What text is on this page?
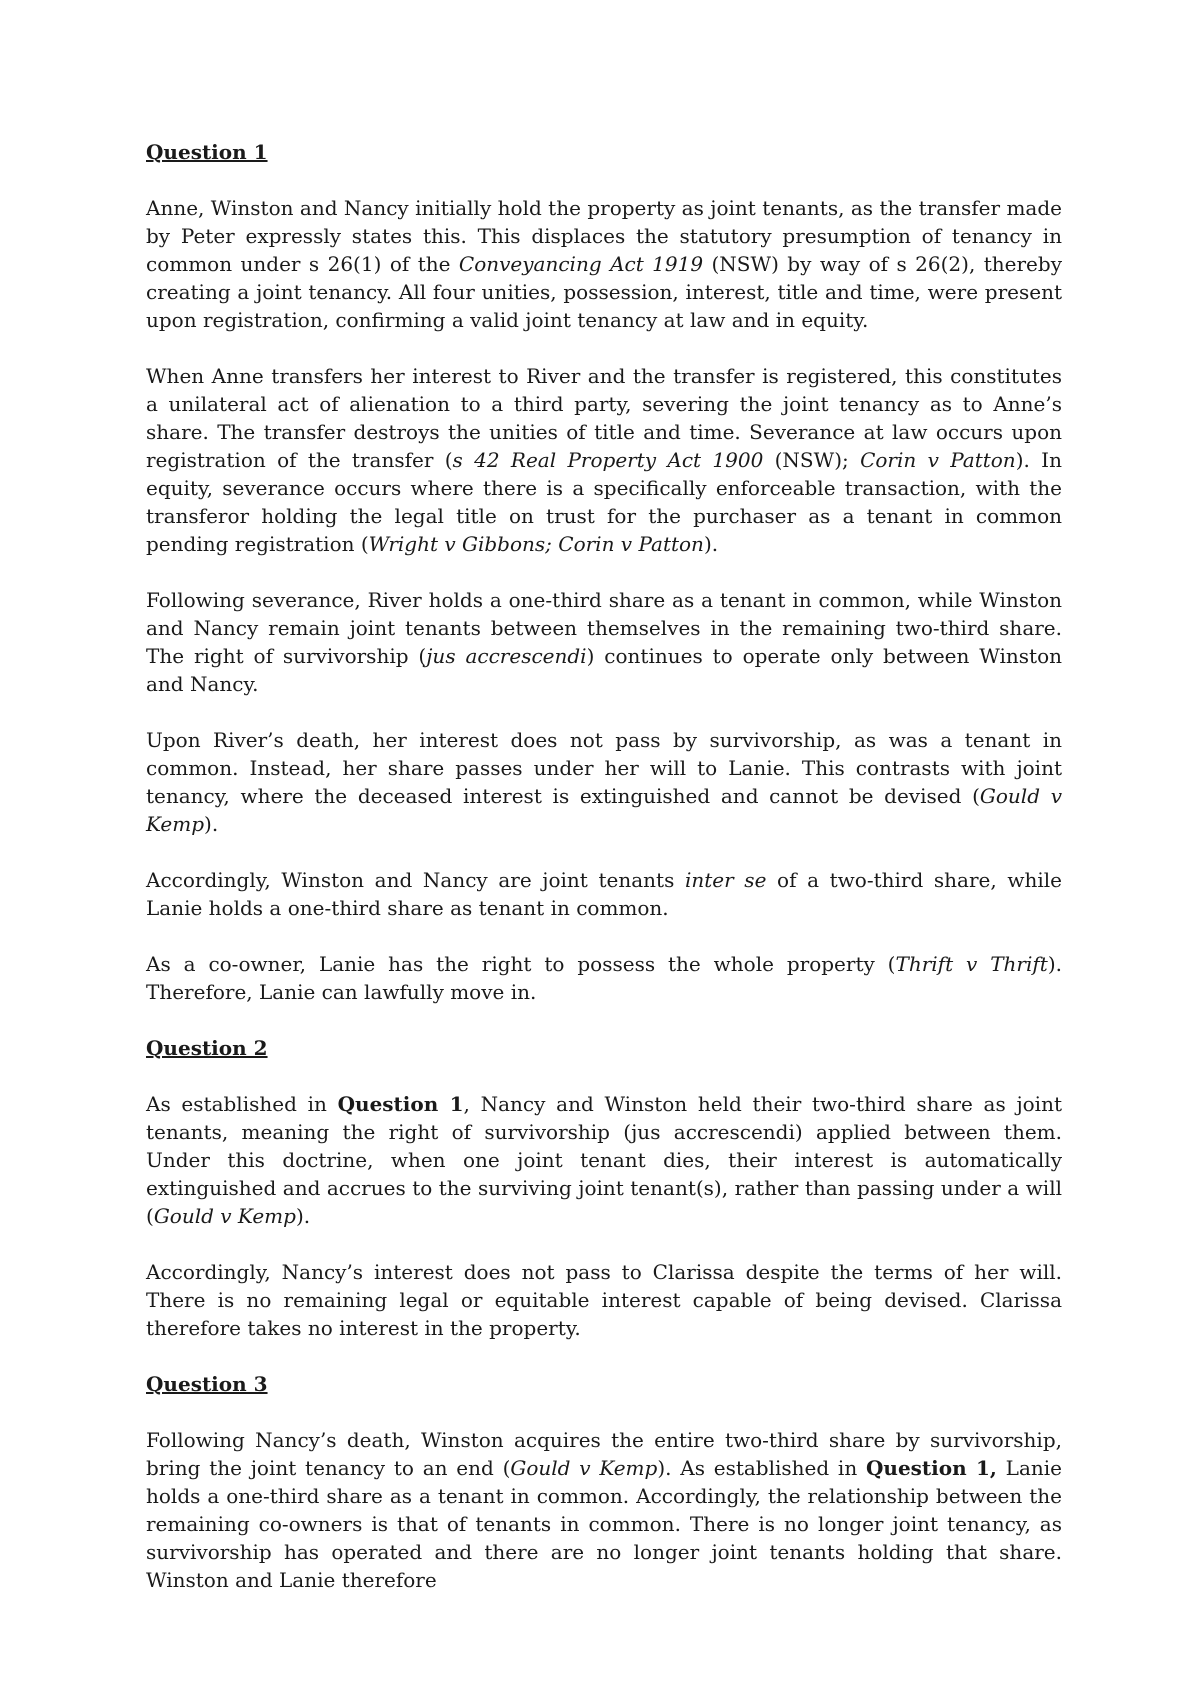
Question 1
Anne, Winston and Nancy initially hold the property as joint tenants, as the transfer made by Peter expressly states this. This displaces the statutory presumption of tenancy in common under s 26(1) of the Conveyancing Act 1919 (NSW) by way of s 26(2), thereby creating a joint tenancy. All four unities, possession, interest, title and time, were present upon registration, confirming a valid joint tenancy at law and in equity.
When Anne transfers her interest to River and the transfer is registered, this constitutes a unilateral act of alienation to a third party, severing the joint tenancy as to Anne’s share. The transfer destroys the unities of title and time. Severance at law occurs upon registration of the transfer (s 42 Real Property Act 1900 (NSW); Corin v Patton). In equity, severance occurs where there is a specifically enforceable transaction, with the transferor holding the legal title on trust for the purchaser as a tenant in common pending registration (Wright v Gibbons; Corin v Patton).
Following severance, River holds a one-third share as a tenant in common, while Winston and Nancy remain joint tenants between themselves in the remaining two-third share. The right of survivorship (jus accrescendi) continues to operate only between Winston and Nancy.
Upon River’s death, her interest does not pass by survivorship, as was a tenant in common. Instead, her share passes under her will to Lanie. This contrasts with joint tenancy, where the deceased interest is extinguished and cannot be devised (Gould v Kemp).
Accordingly, Winston and Nancy are joint tenants inter se of a two-third share, while Lanie holds a one-third share as tenant in common.
As a co-owner, Lanie has the right to possess the whole property (Thrift v Thrift). Therefore, Lanie can lawfully move in.
Question 2
As established in Question 1, Nancy and Winston held their two-third share as joint tenants, meaning the right of survivorship (jus accrescendi) applied between them. Under this doctrine, when one joint tenant dies, their interest is automatically extinguished and accrues to the surviving joint tenant(s), rather than passing under a will (Gould v Kemp).
Accordingly, Nancy’s interest does not pass to Clarissa despite the terms of her will. There is no remaining legal or equitable interest capable of being devised. Clarissa therefore takes no interest in the property.
Question 3
Following Nancy’s death, Winston acquires the entire two-third share by survivorship, bring the joint tenancy to an end (Gould v Kemp). As established in Question 1, Lanie holds a one-third share as a tenant in common. Accordingly, the relationship between the remaining co-owners is that of tenants in common. There is no longer joint tenancy, as survivorship has operated and there are no longer joint tenants holding that share. Winston and Lanie therefore
